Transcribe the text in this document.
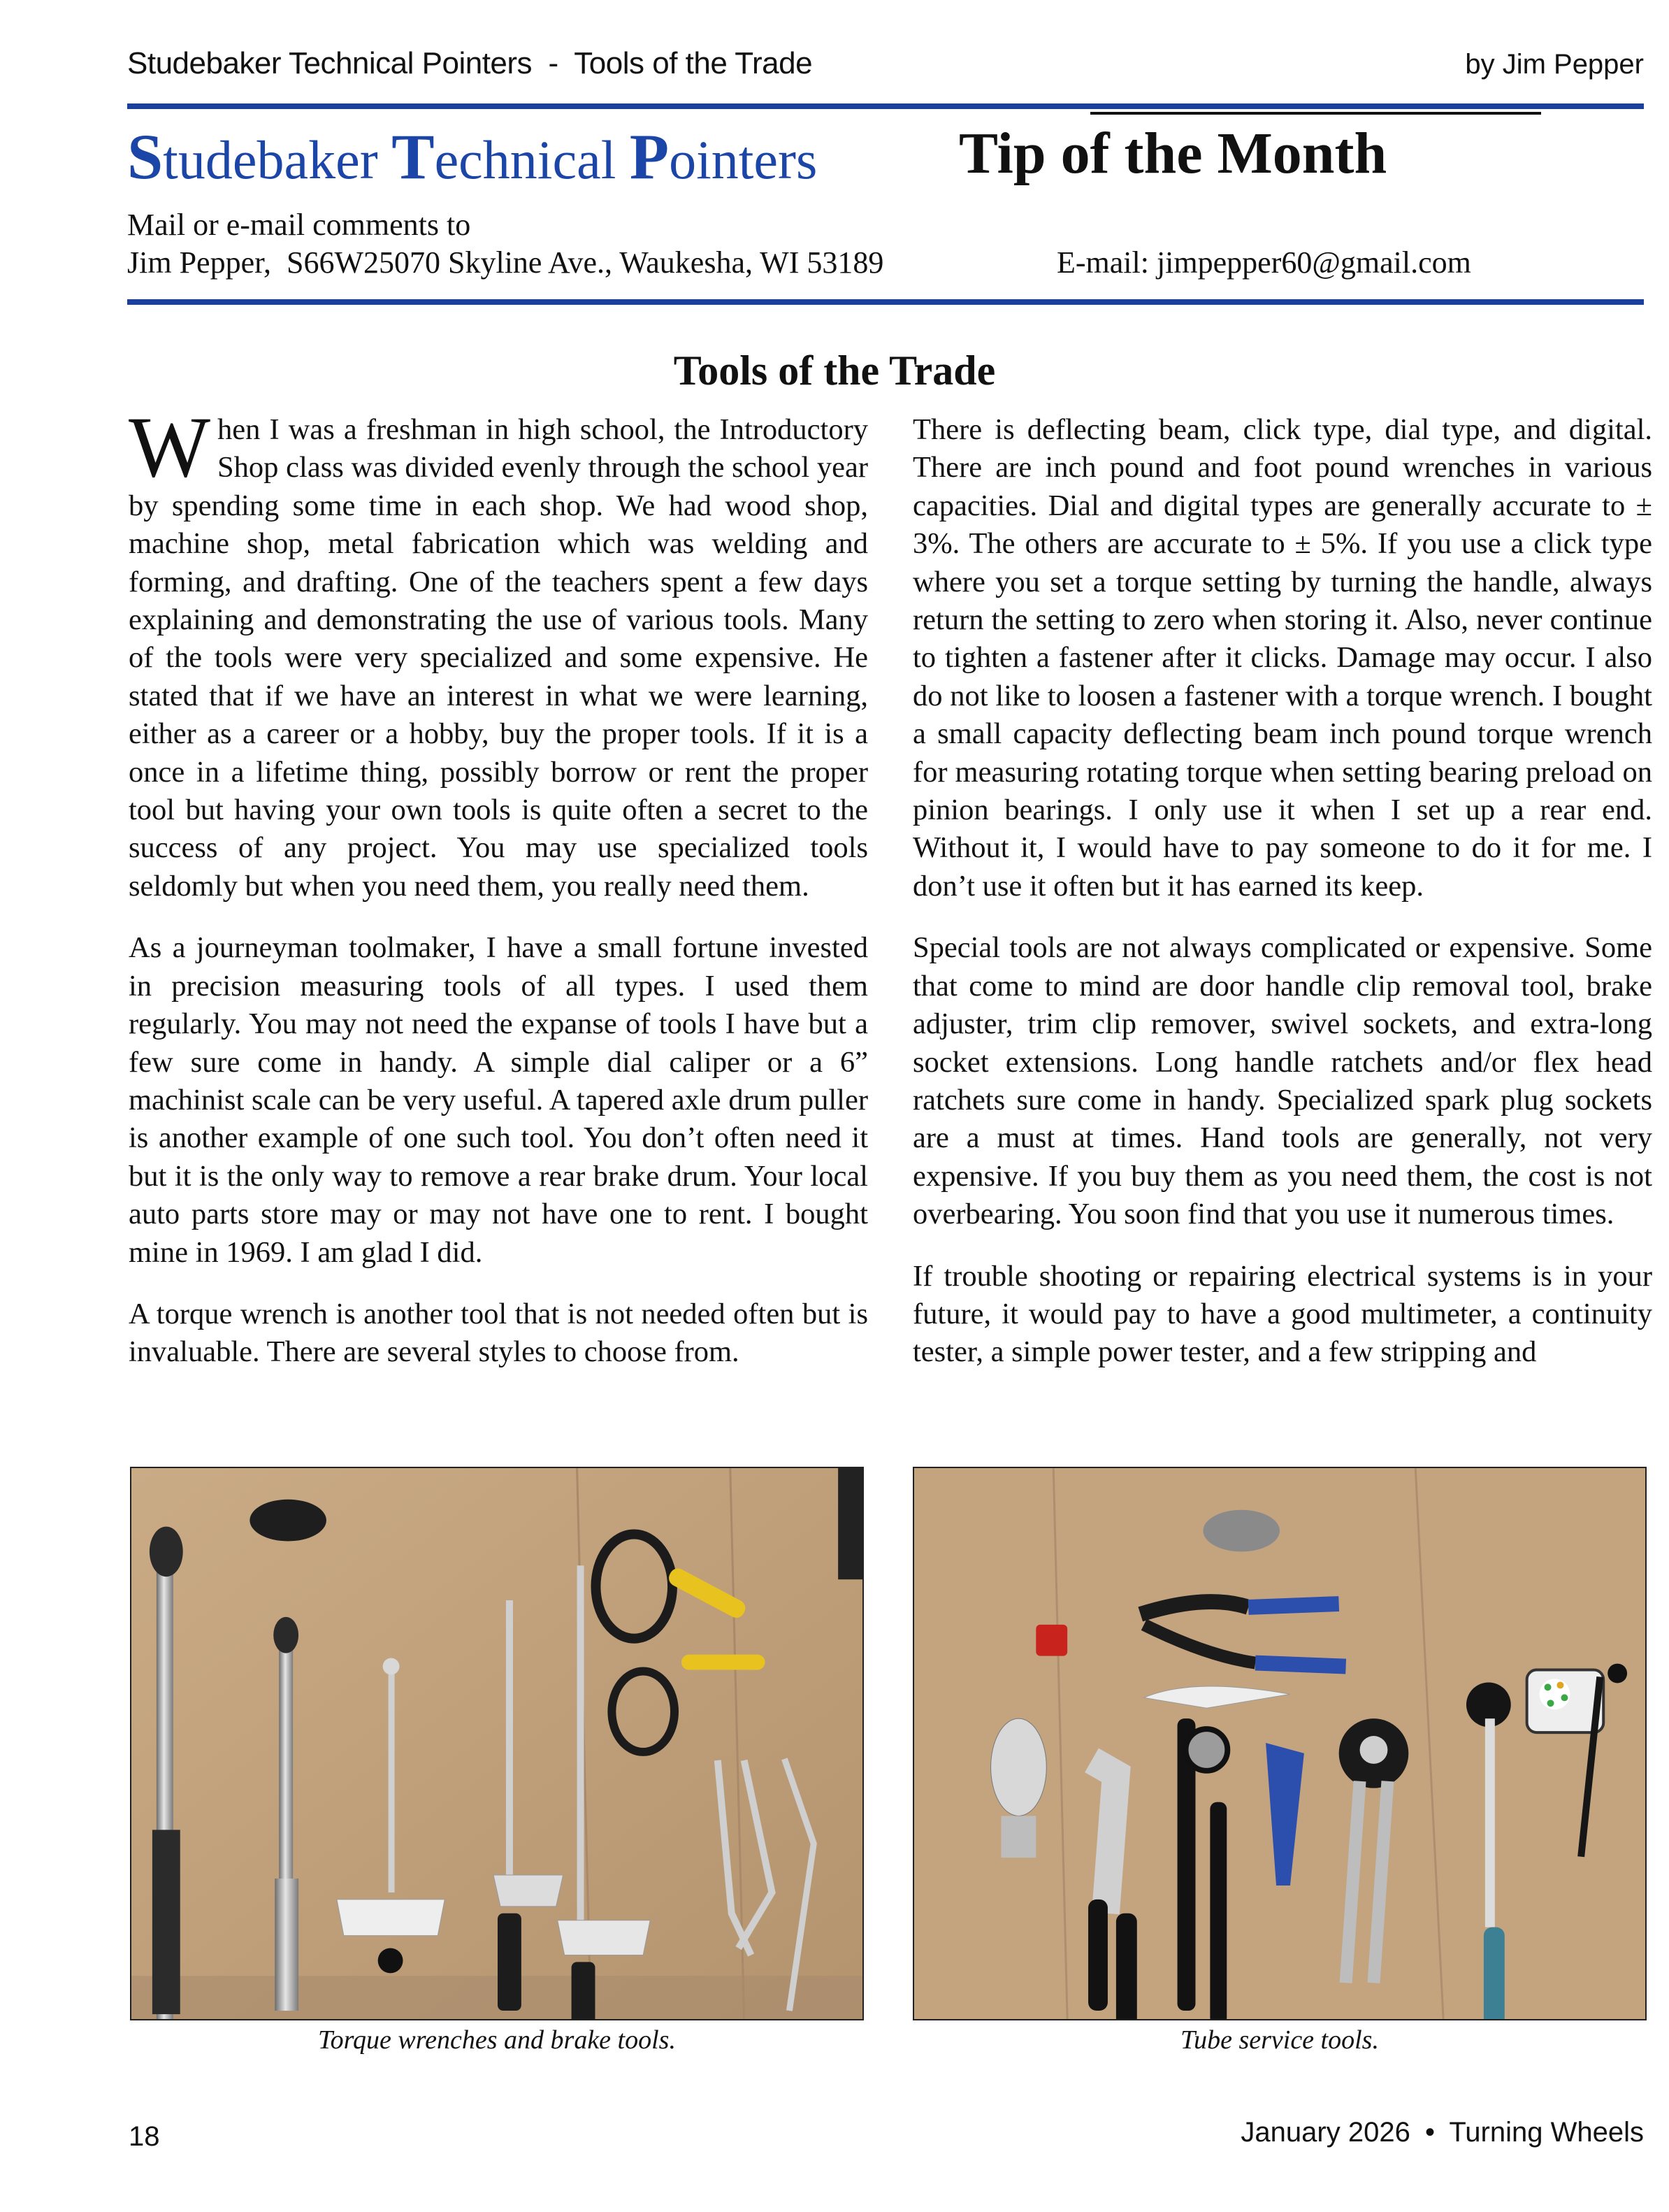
Studebaker Technical Pointers  -  Tools of the Trade	by Jim Pepper
Studebaker Technical Pointers Tip of the Month
Mail or e-mail comments to
Jim Pepper,  S66W25070 Skyline Ave., Waukesha, WI 53189	E-mail: jimpepper60@gmail.com
Tools of the Trade

When I was a freshman in high school, the Introductory Shop class was divided evenly through the school year by spending some time in each shop. We had wood shop, machine shop, metal fabrication which was welding and forming, and drafting. One of the teachers spent a few days explaining and demonstrating the use of various tools. Many of the tools were very specialized and some expensive. He stated that if we have an interest in what we were learning, either as a career or a hobby, buy the proper tools. If it is a once in a lifetime thing, possibly borrow or rent the proper tool but having your own tools is quite often a secret to the success of any project. You may use specialized tools seldomly but when you need them, you really need them.

As a journeyman toolmaker, I have a small fortune invested in precision measuring tools of all types. I used them regularly. You may not need the expanse of tools I have but a few sure come in handy. A simple dial caliper or a 6” machinist scale can be very useful. A tapered axle drum puller is another example of one such tool. You don’t often need it but it is the only way to remove a rear brake drum. Your local auto parts store may or may not have one to rent. I bought mine in 1969. I am glad I did.

A torque wrench is another tool that is not needed often but is invaluable. There are several styles to choose from.

There is deflecting beam, click type, dial type, and digital. There are inch pound and foot pound wrenches in various capacities. Dial and digital types are generally accurate to ± 3%. The others are accurate to ± 5%. If you use a click type where you set a torque setting by turning the handle, always return the setting to zero when storing it. Also, never continue to tighten a fastener after it clicks. Damage may occur. I also do not like to loosen a fastener with a torque wrench. I bought a small capacity deflecting beam inch pound torque wrench for measuring rotating torque when setting bearing preload on pinion bearings. I only use it when I set up a rear end. Without it, I would have to pay someone to do it for me. I don’t use it often but it has earned its keep.

Special tools are not always complicated or expensive. Some that come to mind are door handle clip removal tool, brake adjuster, trim clip remover, swivel sockets, and extra-long socket extensions. Long handle ratchets and/or flex head ratchets sure come in handy. Specialized spark plug sockets are a must at times. Hand tools are generally, not very expensive. If you buy them as you need them, the cost is not overbearing. You soon find that you use it numerous times.

If trouble shooting or repairing electrical systems is in your future, it would pay to have a good multimeter, a continuity tester, a simple power tester, and a few stripping and

Torque wrenches and brake tools.	Tube service tools.
18	January 2026 • Turning Wheels
